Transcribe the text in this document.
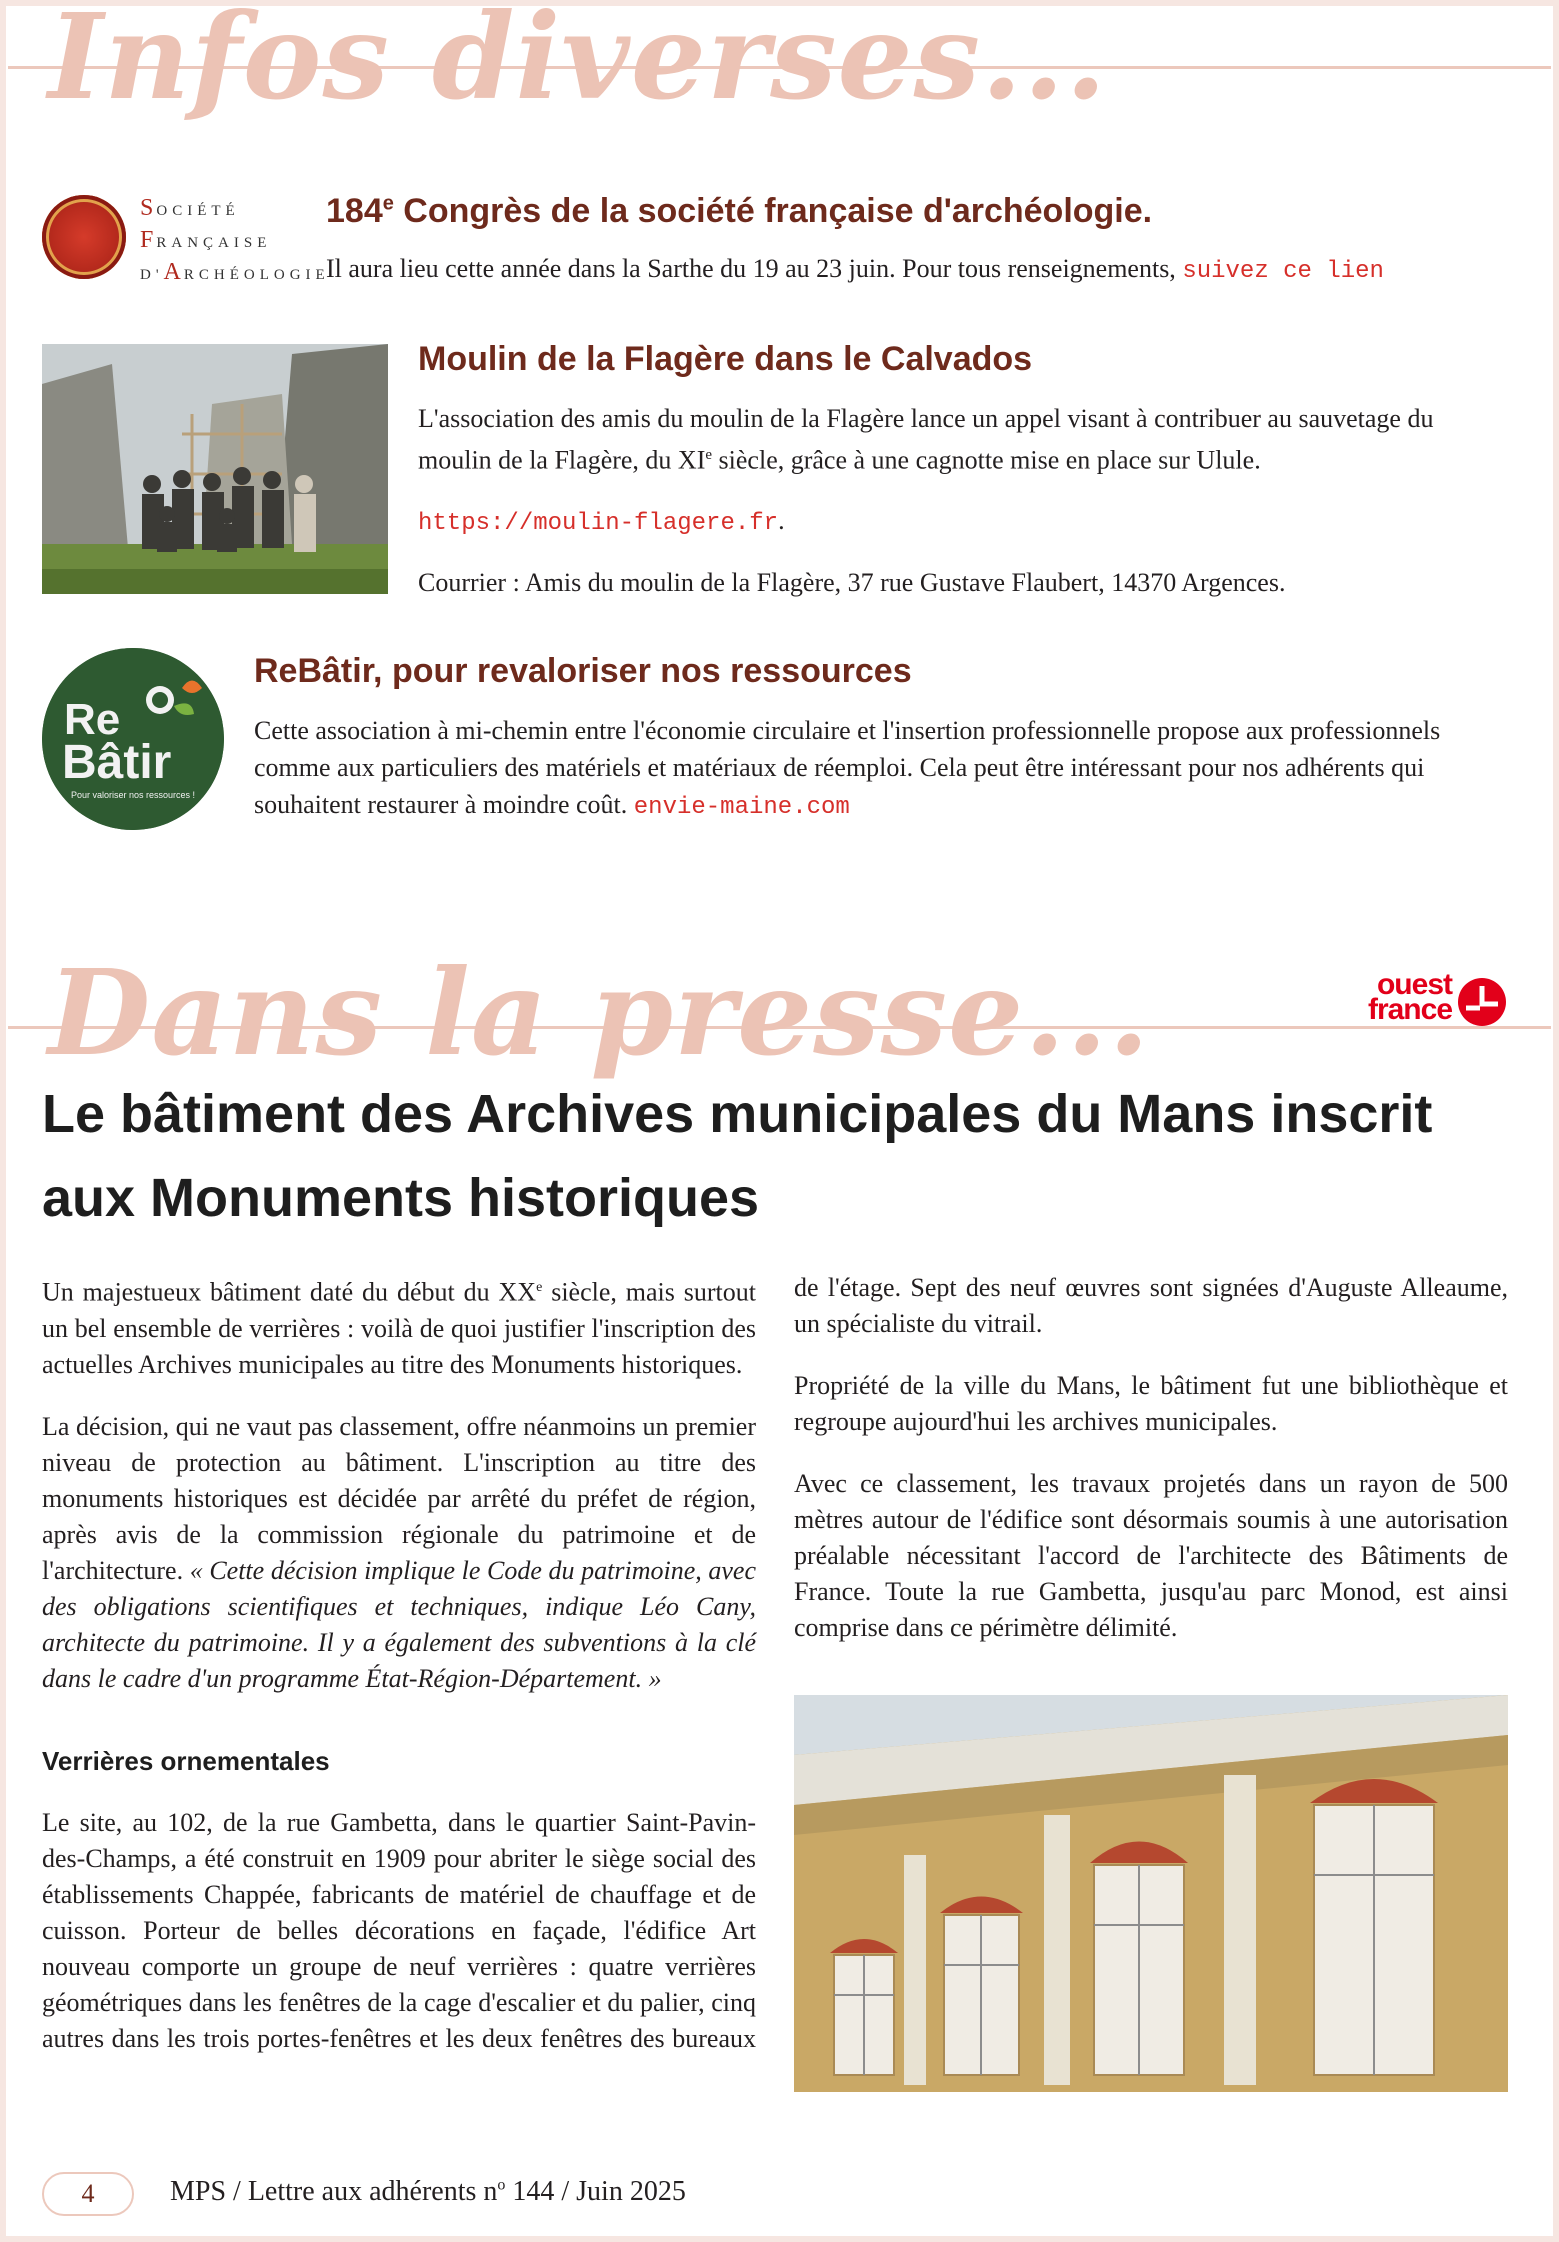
Infos diverses...
SOCIÉTÉ
FRANÇAISE
D'ARCHÉOLOGIE
184e Congrès de la société française d'archéologie.

Il aura lieu cette année dans la Sarthe du 19 au 23 juin. Pour tous renseignements, suivez ce lien

Moulin de la Flagère dans le Calvados

L'association des amis du moulin de la Flagère lance un appel visant à contribuer au sauvetage du moulin de la Flagère, du XIe siècle, grâce à une cagnotte mise en place sur Ulule.

https://moulin-flagere.fr.

Courrier : Amis du moulin de la Flagère, 37 rue Gustave Flaubert, 14370 Argences.

Re
Bâtir
Pour valoriser nos ressources !
ReBâtir, pour revaloriser nos ressources

Cette association à mi-chemin entre l'économie circulaire et l'insertion professionnelle propose aux professionnels comme aux particuliers des matériels et matériaux de réemploi. Cela peut être intéressant pour nos adhérents qui souhaitent restaurer à moindre coût. envie-maine.com

Dans la presse...	ouest
france
Le bâtiment des Archives municipales du Mans inscrit aux Monuments historiques

Un majestueux bâtiment daté du début du XXe siècle, mais surtout un bel ensemble de verrières : voilà de quoi justifier l'inscription des actuelles Archives municipales au titre des Monuments historiques.

La décision, qui ne vaut pas classement, offre néanmoins un premier niveau de protection au bâtiment. L'inscription au titre des monuments historiques est décidée par arrêté du préfet de région, après avis de la commission régionale du patrimoine et de l'architecture. « Cette décision implique le Code du patrimoine, avec des obligations scientifiques et techniques, indique Léo Cany, architecte du patrimoine. Il y a également des subventions à la clé dans le cadre d'un programme État-Région-Département. »

Verrières ornementales

Le site, au 102, de la rue Gambetta, dans le quartier Saint-Pavin-des-Champs, a été construit en 1909 pour abriter le siège social des établissements Chappée, fabricants de matériel de chauffage et de cuisson. Porteur de belles décorations en façade, l'édifice Art nouveau comporte un groupe de neuf verrières : quatre verrières géométriques dans les fenêtres de la cage d'escalier et du palier, cinq autres dans les trois portes-fenêtres et les deux fenêtres des bureaux

de l'étage. Sept des neuf œuvres sont signées d'Auguste Alleaume, un spécialiste du vitrail.

Propriété de la ville du Mans, le bâtiment fut une bibliothèque et regroupe aujourd'hui les archives municipales.

Avec ce classement, les travaux projetés dans un rayon de 500 mètres autour de l'édifice sont désormais soumis à une autorisation préalable nécessitant l'accord de l'architecte des Bâtiments de France. Toute la rue Gambetta, jusqu'au parc Monod, est ainsi comprise dans ce périmètre délimité.

4	MPS / Lettre aux adhérents $n^o$ 144 / Juin 2025
